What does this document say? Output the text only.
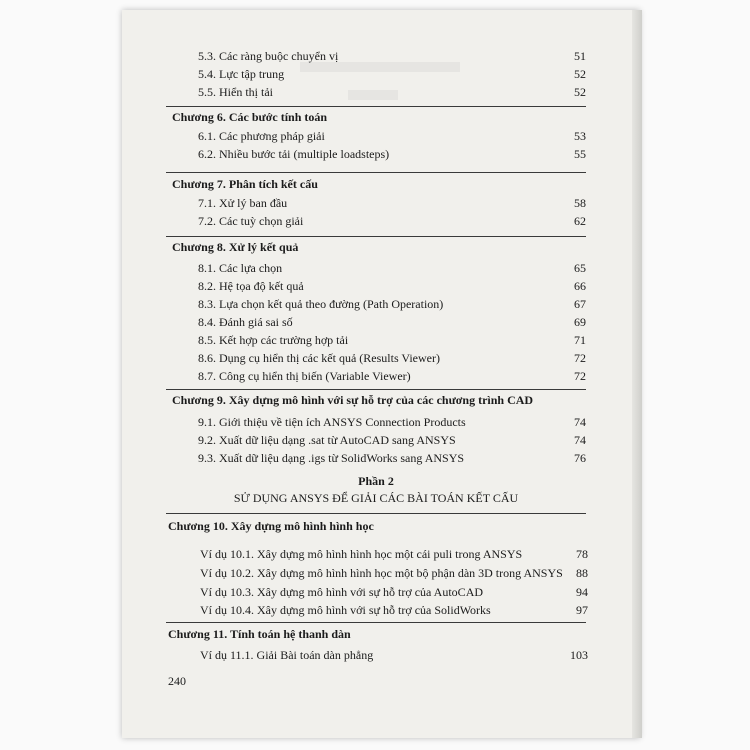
5.3. Các ràng buộc chuyển vị	51
5.4. Lực tập trung	52
5.5. Hiển thị tải	52
Chương 6. Các bước tính toán
6.1. Các phương pháp giải	53
6.2. Nhiều bước tải (multiple loadsteps)	55
Chương 7. Phân tích kết cấu
7.1. Xử lý ban đầu	58
7.2. Các tuỳ chọn giải	62
Chương 8. Xử lý kết quả
8.1. Các lựa chọn	65
8.2. Hệ tọa độ kết quả	66
8.3. Lựa chọn kết quả theo đường (Path Operation)	67
8.4. Đánh giá sai số	69
8.5. Kết hợp các trường hợp tải	71
8.6. Dụng cụ hiển thị các kết quả (Results Viewer)	72
8.7. Công cụ hiển thị biến (Variable Viewer)	72
Chương 9. Xây dựng mô hình với sự hỗ trợ của các chương trình CAD
9.1. Giới thiệu về tiện ích ANSYS Connection Products	74
9.2. Xuất dữ liệu dạng .sat từ AutoCAD sang ANSYS	74
9.3. Xuất dữ liệu dạng .igs từ SolidWorks sang ANSYS	76
Phần 2
SỬ DỤNG ANSYS ĐỂ GIẢI CÁC BÀI TOÁN KẾT CẤU
Chương 10. Xây dựng mô hình hình học
Ví dụ 10.1. Xây dựng mô hình hình học một cái puli trong ANSYS	78
Ví dụ 10.2. Xây dựng mô hình hình học một bộ phận dàn 3D trong ANSYS 88
Ví dụ 10.3. Xây dựng mô hình với sự hỗ trợ của AutoCAD	94
Ví dụ 10.4. Xây dựng mô hình với sự hỗ trợ của SolidWorks	97
Chương 11. Tính toán hệ thanh dàn
Ví dụ 11.1. Giải Bài toán dàn phẳng	103
240
